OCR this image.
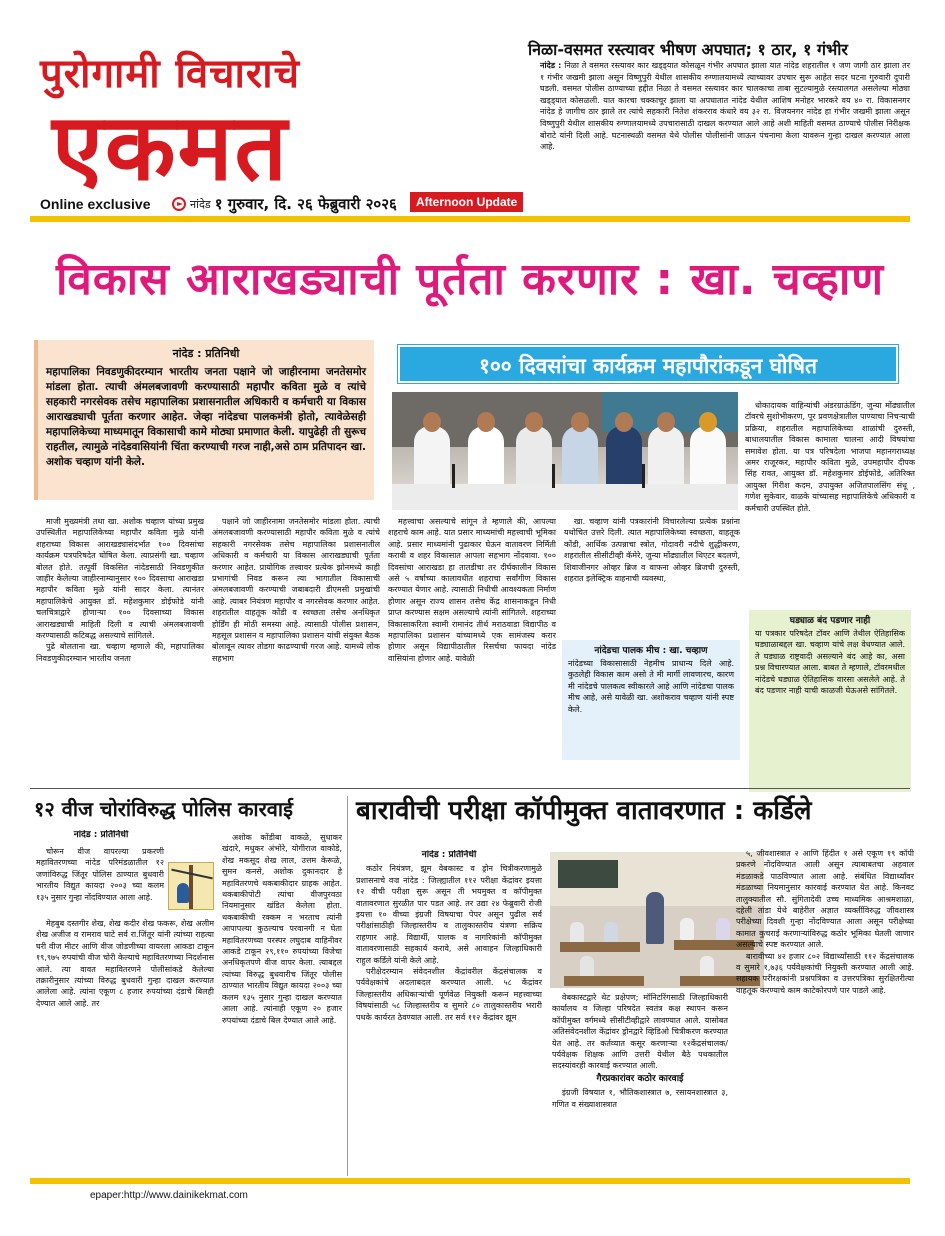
पुरोगामी विचाराचे
एकमत
Online exclusive	नांदेड १ गुरुवार, दि. २६ फेब्रुवारी २०२६	Afternoon Update
निळा-वसमत रस्त्यावर भीषण अपघात; १ ठार, १ गंभीर
नांदेड : निळा ते वसमत रस्त्यावर कार खड्ड्यात कोसळून गंभीर अपघात झाला यात नांदेड शहरातील १ जण जागी ठार झाला तर १ गंभीर जखमी झाला असून विष्णुपुरी येथील शासकीय रुग्णालयामध्ये त्याच्यावर उपचार सुरू आहेत सदर घटना गुरुवारी दुपारी घडली. वसमत पोलीस ठाण्याच्या हद्दीत निळा ते वसमत रस्त्यावर कार चालकाचा ताबा सुटल्यामुळे रस्त्यालगत असलेल्या मोठ्या खड्ड्यात कोसळली. यात कारचा चक्काचूर झाला या अपघातात नांदेड येथील आशिष मनोहर भारकरे वय ४० रा. विकासनगर नांदेड हे जागीच ठार झाले तर त्यांचे सहकारी नितेश शंकरराव कंधारे वय ३२ रा. विजयनगर नांदेड हा गंभीर जखमी झाला असून विष्णुपुरी येथील शासकीय रुग्णालयामध्ये उपचारासाठी दाखल करण्यात आले आहे अशी माहिती वसमत ठाण्याचे पोलीस निरीक्षक बोराटे यांनी दिली आहे. घटनास्थळी वसमत येथे पोलीस पोलीसांनी जाऊन पंचनामा केला यावरून गुन्हा दाखल करण्यात आला आहे.
विकास आराखड्याची पूर्तता करणार : खा. चव्हाण
नांदेड : प्रतिनिधी
महापालिका निवडणुकीदरम्यान भारतीय जनता पक्षाने जो जाहीरनामा जनतेसमोर मांडला होता. त्याची अंमलबजावणी करण्यासाठी महापौर कविता मुळे व त्यांचे सहकारी नगरसेवक तसेच महापालिका प्रशासनातील अधिकारी व कर्मचारी या विकास आराखड्याची पूर्तता करणार आहेत. जेव्हा नांदेडचा पालकमंत्री होतो, त्यावेळेसही महापालिकेच्या माध्यमातून विकासाची कामे मोठ्या प्रमाणात केली. यापुढेही ती सुरूच राहतील, त्यामुळे नांदेडवासियांनी चिंता करण्याची गरज नाही,असे ठाम प्रतिपादन खा. अशोक चव्हाण यांनी केले.
१०० दिवसांचा कार्यक्रम महापौरांकडून घोषित

माजी मुख्यमंत्री तथा खा. अशोक चव्हाण यांच्या प्रमुख उपस्थितीत महापालिकेच्या महापौर कविता मुळे यांनी शहराच्या विकास आराखड्यासंदर्भात १०० दिवसांचा कार्यक्रम पत्रपरिषदेत घोषित केला. त्याप्रसंगी खा. चव्हाण बोलत होते. तत्पूर्वी विकसित नांदेडसाठी निवडणुकीत जाहीर केलेल्या जाहीरनाम्यानुसार १०० दिवसाचा आराखडा महापौर कविता मुळे यांनी सादर केला. त्यानंतर महापालिकेचे आयुक्त डॉ. महेशकुमार डोईफोडे यांनी चलचित्राद्वारे होणाऱ्या १०० दिवसाच्या विकास आराखड्याची माहिती दिली व त्याची अंमलबजावणी करण्यासाठी कटिबद्ध असल्याचे सांगितले.

पुढे बोलताना खा. चव्हाण म्हणाले की, महापालिका निवडणुकीदरम्यान भारतीय जनता

पक्षाने जो जाहीरनामा जनतेसमोर मांडला होता. त्याची अंमलबजावणी करण्यासाठी महापौर कविता मुळे व त्यांचे सहकारी नगरसेवक तसेच महापालिका प्रशासनातील अधिकारी व कर्मचारी या विकास आराखड्याची पूर्तता करणार आहेत. प्रायोगिक तत्त्वावर प्रत्येक झोनमध्ये काही प्रभागांची निवड करून त्या भागातील विकासाची अंमलबजावणी करण्याची जबाबदारी डीएमसी प्रमुखांची आहे. त्याबर नियंत्रण महापौर व नगरसेवक करणार आहेत. शहरातील वाहतूक कोंडी व स्वच्छता तसेच अनधिकृत होर्डिंग ही मोठी समस्या आहे. त्यासाठी पोलीस प्रशासन, महसूल प्रशासन व महापालिका प्रशासन यांची संयुक्त बैठक बोलावून त्यावर तोडगा काढण्याची गरज आहे. यामध्ये लोक सहभाग

महत्त्वाचा असल्याचे सांगून ते म्हणाले की, आपल्या शहराचे काम आहे. यात प्रसार माध्यमांची महत्त्वाची भूमिका आहे. प्रसार माध्यमांनी पुढाकार घेऊन वातावरण निर्मिती करावी व शहर विकासात आपला सहभाग नोंदवावा. १०० दिवसांचा आराखडा हा तातडीचा तर दीर्घकालीन विकास असे ५ वर्षाच्या कालावधीत शहराचा सर्वांगीण विकास करण्यात येणार आहे. त्यासाठी निधीची आवश्यकता निर्माण होणार असून राज्य शासन तसेच केंद्र शासनाकडून निधी प्राप्त करण्यास सक्षम असल्याचे त्यांनी सांगितले. शहराच्या विकासाकरिता स्वामी रामानंद तीर्थ मराठवाडा विद्यापीठ व महापालिका प्रशासन यांच्यामध्ये एक सामंजस्य करार होणार असून विद्यापीठातील रिसर्चचा फायदा नांदेड वासियांना होणार आहे. यावेळी

खा. चव्हाण यांनी पत्रकारांनी विचारलेल्या प्रत्येक प्रश्नांना यथोचित उत्तरे दिली. त्यात महापालिकेच्या स्वच्छता, वाहतूक कोंडी, आर्थिक उत्पन्नाचा स्त्रोत, गोदावरी नदीचे शुद्धीकरण, शहरातील सीसीटीव्ही कॅमेरे, जुन्या मोंढ्यातील थिएटर बदलणे, शिवाजीनगर ओव्हर ब्रिज व वाफना ओव्हर ब्रिजची दुरुस्ती, शहरात इलेक्ट्रिक वाहनाची व्यवस्था,

धोकादायक वाहिन्यांची अंडरग्राऊंडिंग, जुन्या मोंढ्यातील टॉवरचे सुशोभीकरण, पूर प्रवणक्षेत्रातील पाण्याचा निचऱ्याची प्रक्रिया, शहरातील महापालिकेच्या शाळांची दुरुस्ती, बाधालयातील विकास कामाला चालना आदी विषयांचा समावेश होता. या पत्र परिषदेला भाजपा महानगराध्यक्ष अमर राजूरकर, महापौर कविता मुळे, उपमहापौर दीपक सिंह रावत, आयुक्त डॉ. महेशकुमार डोईफोडे, अतिरिक्त आयुक्त गिरीश कदम, उपायुक्त अजितपालसिंग संधू , गणेश सुकेवार, वाळके यांच्यासह महापालिकेचे अधिकारी व कर्मचारी उपस्थित होते.

नांदेडचा पालक मीच : खा. चव्हाण
नांदेडच्या विकासासाठी नेहमीच प्राधान्य दिले आहे. कुठलेही विकास काम असो ते मी मार्गी लावणारच, कारण मी नांदेडचे पालकत्व स्वीकारले आहे आणि नांदेडचा पालक मीच आहे, असे यावेळी खा. अशोकराव चव्हाण यांनी स्पष्ट केले.
घड्याळ बंद पडणार नाही
या पत्रकार परिषदेत टॉवर आणि तेथील ऐतिहासिक घड्याळाबद्दल खा. चव्हाण यांचे लक्ष वेधण्यात आले. ते घड्याळ राष्ट्रवादी असल्याने बंद आहे का, असा प्रश्न विचारण्यात आला. बाबत ते म्हणाले, टॉवरमधील नांदेडचे घड्याळ ऐतिहासिक वारसा असलेले आहे. ते बंद पडणार नाही याची काळजी घेऊअसे सांगितले.
१२ वीज चोरांविरुद्ध पोलिस कारवाई
नांदेड : प्रतिनिधी

चोरून वीज वापरल्या प्रकरणी महावितरणच्या नांदेड परिमंडळातील १२ जणांविरुद्ध जिंतूर पोलिस ठाण्यात बुधवारी भारतीय विद्युत कायदा २००३ च्या कलम १३५ नुसार गुन्हा नोंदविण्यात आला आहे.

मेहबुब दस्तगीर शेख, शेख कदीर शेख फकरू, शेख अलीम शेख अजीज व रामराव घाटे सर्व रा.जिंतूर यांनी त्यांच्या राहत्या घरी वीज मीटर आणि वीज जोडणीच्या वायरला आकडा टाकून १९,९७५ रुपयांची वीज चोरी केल्याचे महावितरणच्या निदर्शनास आले. त्या वावत महावितरणने पोलीसांकडे केलेल्या तक्रारीनुसार त्यांच्या विरुद्ध बुधवारी गुन्हा दाखल करण्यात आलेला आहे. त्यांना एकूण ८ हजार रुपयांच्या दंडाचे बिलही देण्यात आले आहे. तर

अशोक कोंडीबा वाकळे, सुधाकर खंदारे, मधुकर अंभोरे, योगीराज वाकोडे, शेख मकसूद शेख लाल, उत्तम केरूळे, सुमन कनसे, अशोक दुकानदार हे महावितरणचे थकबाकीदार ग्राहक आहेत. थकबाकीपोटी त्यांचा वीजपुरवठा नियमानुसार खंडित केलेला होता. थकबाकीची रक्कम न भरताच त्यांनी आपापल्या कुठल्याच परवानगी न घेता महावितरणच्या परस्पर लघुदाब वाहिनीवर आकडे टाकून २९,११० रुपयांच्या विजेचा अनधिकृतपणे वीज वापर केला. त्याबद्दल त्यांच्या विरुद्ध बुधवारीच जिंतूर पोलीस ठाण्यात भारतीय विद्युत कायदा २००३ च्या कलम १३५ नुसार गुन्हा दाखल करण्यात आला आहे. त्यांनाही एकूण २० हजार रुपयांच्या दंडाचे बिल देण्यात आले आहे.

बारावीची परीक्षा कॉपीमुक्त वातावरणात : कर्डिले
नांदेड : प्रतिनिधी

कठोर नियंत्रण, झूम वेबकास्ट व ड्रोन चित्रीकरणामुळे प्रशासनाचे वज्र नांदेड : जिल्ह्यातील ११२ परीक्षा केंद्रांवर इयत्ता १२ वीची परीक्षा सुरू असून ती भयमुक्त व कॉपीमुक्त वातावरणात सुरळीत पार पडत आहे. तर उद्या २४ फेब्रुवारी रोजी इयत्ता १० वीच्या इंग्रजी विषयाचा पेपर असून पुढील सर्व परीक्षांसाठीही जिल्हास्तरीय व तालुकास्तरीय यंत्रणा सक्रिय राहणार आहे. विद्यार्थी, पालक व नागरिकांनी कॉपीमुक्त वातावरणासाठी सहकार्य करावे, असे आवाहन जिल्हाधिकारी राहुल कर्डिले यांनी केले आहे.

परीक्षेदरम्यान संवेदनशील केंद्रांवरील केंद्रसंचालक व पर्यवेक्षकांचे अदलाबदल करण्यात आली. ५८ केंद्रांवर जिल्हास्तरीय अधिकाऱ्यांची पूर्णवेळ नियुक्ती करून महत्त्वाच्या विषयांसाठी ५८ जिल्हास्तरीय व सुमारे ८० तालुकास्तरीय भरारी पथके कार्यरत ठेवण्यात आली. तर सर्व ११२ केंद्रांवर झूम

वेबकास्टद्वारे थेट प्रक्षेपण; मॉनिटरिंगसाठी जिल्हाधिकारी कार्यालय व जिल्हा परिषदेत स्वतंत्र कक्ष स्थापन करून कॉपीमुक्त वर्गमध्ये सीसीटीव्हीद्वारे लावण्यात आले. यासोबत अतिसंवेदनशील केंद्रांवर ड्रोनद्वारे व्हिडिओ चित्रीकरण करण्यात येत आहे. तर कर्तव्यात कसूर करणाऱ्या १२केंद्रसंचालक/पर्यवेक्षक शिक्षक आणि उत्तरी येथील बैठे पथकातील सदस्यांवरही कारवाई करण्यात आली.

गैरप्रकारांवर कठोर कारवाई

इंग्रजी विषयात १, भौतिकशास्त्रात ७, रसायनशास्त्रात ३, गणित व संख्याशास्त्रात

५, जीवशास्त्रात २ आणि हिंदीत १ असे एकूण १९ कॉपी प्रकरणे नोंदविण्यात आली असून त्याबाबतचा अहवाल मंडळाकडे पाठविण्यात आला आहे. संबंधित विद्यार्थ्यांवर मंडळाच्या नियमानुसार कारवाई करण्यात येत आहे. किनवट तालुक्यातील सौ. सुंगितादेवी उच्च माध्यमिक आश्रमशाळा, दहेली तांडा येथे बाहेरील अज्ञात व्यक्तींविरुद्ध जीवशास्त्र परीक्षेच्या दिवशी गुन्हा नोंदविण्यात आला असून परीक्षेच्या कामात कुचराई करणाऱ्यांविरुद्ध कठोर भूमिका घेतली जाणार असल्याचे स्पष्ट करण्यात आले.

बारावीच्या ४२ हजार ८०२ विद्यार्थ्यांसाठी ११२ केंद्रसंचालक व सुमारे १,७३६ पर्यवेक्षकांची नियुक्ती करण्यात आली आहे. सहायक परीरक्षकांनी प्रश्नपत्रिका व उत्तरपत्रिका सुरक्षितरीत्या वाहतूक करण्याचे काम काटेकोरपणे पार पाडले आहे.

epaper:http://www.dainikekmat.com
